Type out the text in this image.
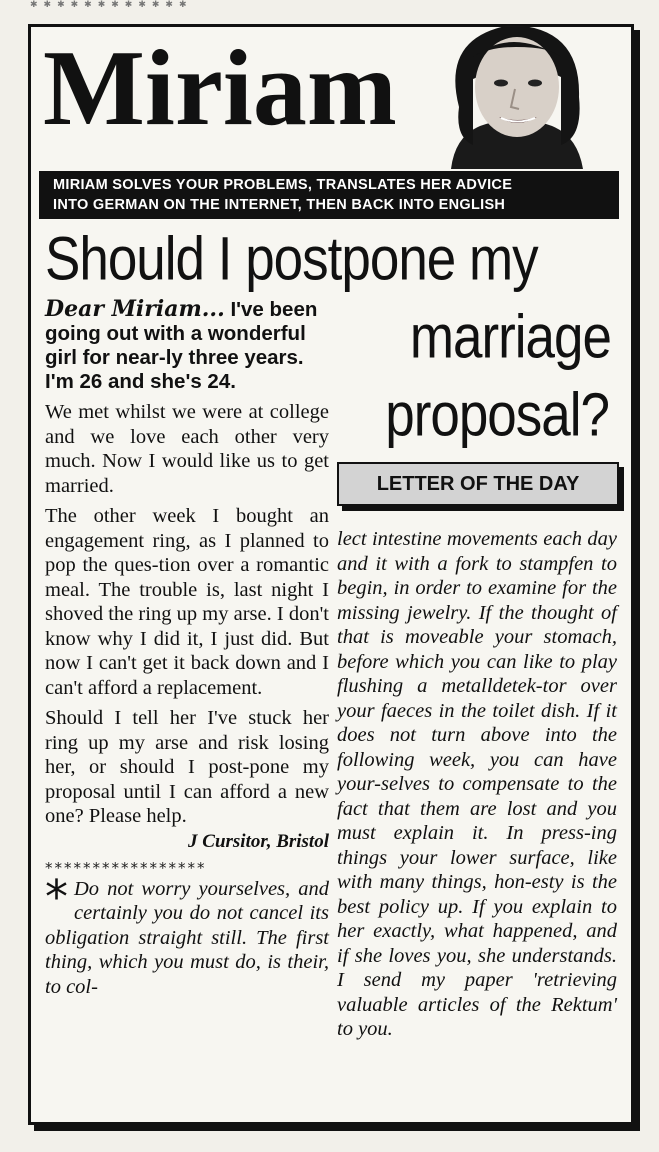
✱✱✱✱✱✱✱✱✱✱✱✱
Miriam
MIRIAM SOLVES YOUR PROBLEMS, TRANSLATES HER ADVICE
INTO GERMAN ON THE INTERNET, THEN BACK INTO ENGLISH
Should I postpone my
marriage
proposal?
Dear Miriam... I've been going out with a wonderful girl for near-ly three years. I'm 26 and she's 24.

We met whilst we were at college and we love each other very much. Now I would like us to get married.

The other week I bought an engagement ring, as I planned to pop the ques-tion over a romantic meal. The trouble is, last night I shoved the ring up my arse. I don't know why I did it, I just did. But now I can't get it back down and I can't afford a replacement.

Should I tell her I've stuck her ring up my arse and risk losing her, or should I post-pone my proposal until I can afford a new one? Please help.

J Cursitor, Bristol
*****************
* Do not worry yourselves, and certainly you do not cancel its obligation straight still. The first thing, which you must do, is their, to col-
LETTER OF THE DAY
lect intestine movements each day and it with a fork to stampfen to begin, in order to examine for the missing jewelry. If the thought of that is moveable your stomach, before which you can like to play flushing a metalldetek-tor over your faeces in the toilet dish. If it does not turn above into the following week, you can have your-selves to compensate to the fact that them are lost and you must explain it. In press-ing things your lower surface, like with many things, hon-esty is the best policy up. If you explain to her exactly, what happened, and if she loves you, she understands. I send my paper 'retrieving valuable articles of the Rektum' to you.
